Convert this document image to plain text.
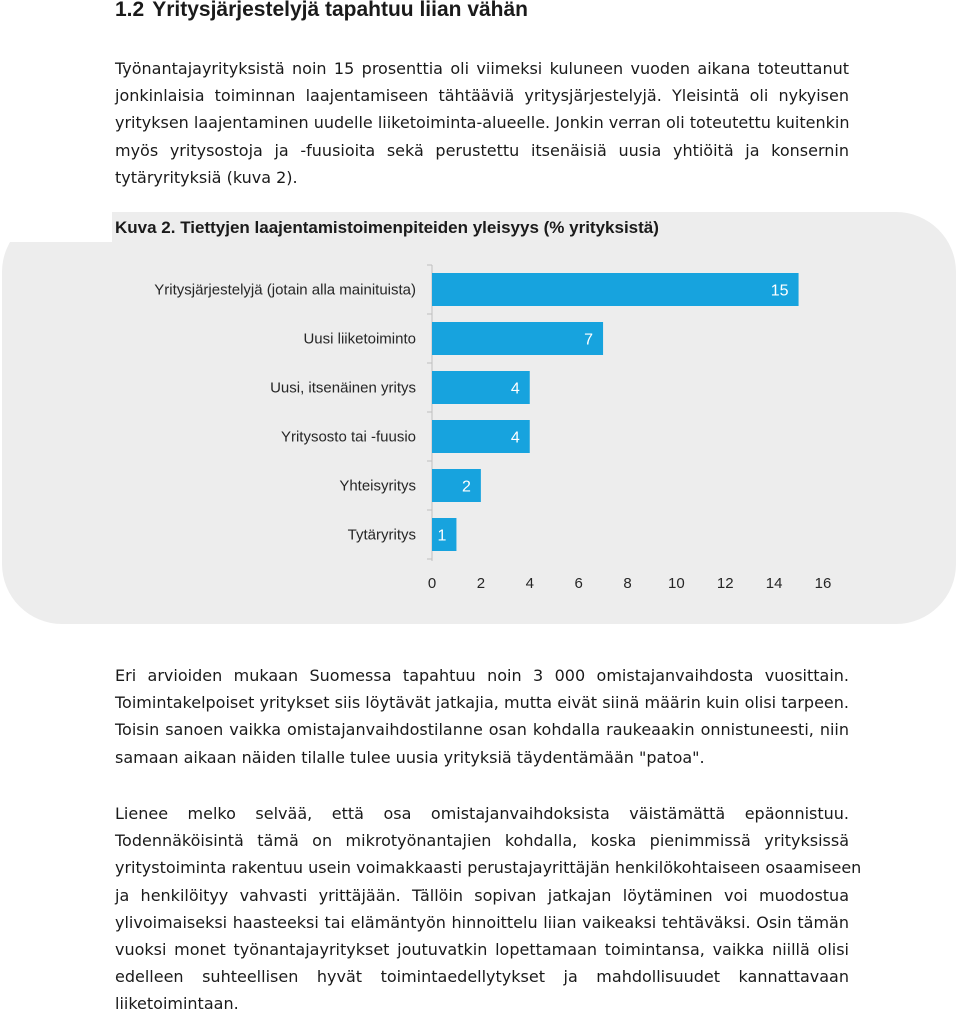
1.2 Yritysjärjestelyjä tapahtuu liian vähän
Työnantajayrityksistä noin 15 prosenttia oli viimeksi kuluneen vuoden aikana toteuttanut
jonkinlaisia toiminnan laajentamiseen tähtääviä yritysjärjestelyjä. Yleisintä oli nykyisen
yrityksen laajentaminen uudelle liiketoiminta-alueelle. Jonkin verran oli toteutettu kuitenkin
myös yritysostoja ja -fuusioita sekä perustettu itsenäisiä uusia yhtiöitä ja konsernin
tytäryrityksiä (kuva 2).

Kuva 2. Tiettyjen laajentamistoimenpiteiden yleisyys (% yrityksistä)

Yritysjärjestelyjä (jotain alla mainituista)	15
Uusi liiketoiminto	7
Uusi, itsenäinen yritys	4
Yritysosto tai -fuusio	4
Yhteisyritys	2
Tytäryritys 1
0	2	4	6	8 10 12 14 16
Eri arvioiden mukaan Suomessa tapahtuu noin 3 000 omistajanvaihdosta vuosittain.
Toimintakelpoiset yritykset siis löytävät jatkajia, mutta eivät siinä määrin kuin olisi tarpeen.
Toisin sanoen vaikka omistajanvaihdostilanne osan kohdalla raukeaakin onnistuneesti, niin
samaan aikaan näiden tilalle tulee uusia yrityksiä täydentämään "patoa".
Lienee melko selvää, että osa omistajanvaihdoksista väistämättä epäonnistuu.
Todennäköisintä tämä on mikrotyönantajien kohdalla, koska pienimmissä yrityksissä
yritystoiminta rakentuu usein voimakkaasti perustajayrittäjän henkilökohtaiseen osaamiseen
ja henkilöityy vahvasti yrittäjään. Tällöin sopivan jatkajan löytäminen voi muodostua
ylivoimaiseksi haasteeksi tai elämäntyön hinnoittelu liian vaikeaksi tehtäväksi. Osin tämän
vuoksi monet työnantajayritykset joutuvatkin lopettamaan toimintansa, vaikka niillä olisi
edelleen suhteellisen hyvät toimintaedellytykset ja mahdollisuudet kannattavaan
liiketoimintaan.
